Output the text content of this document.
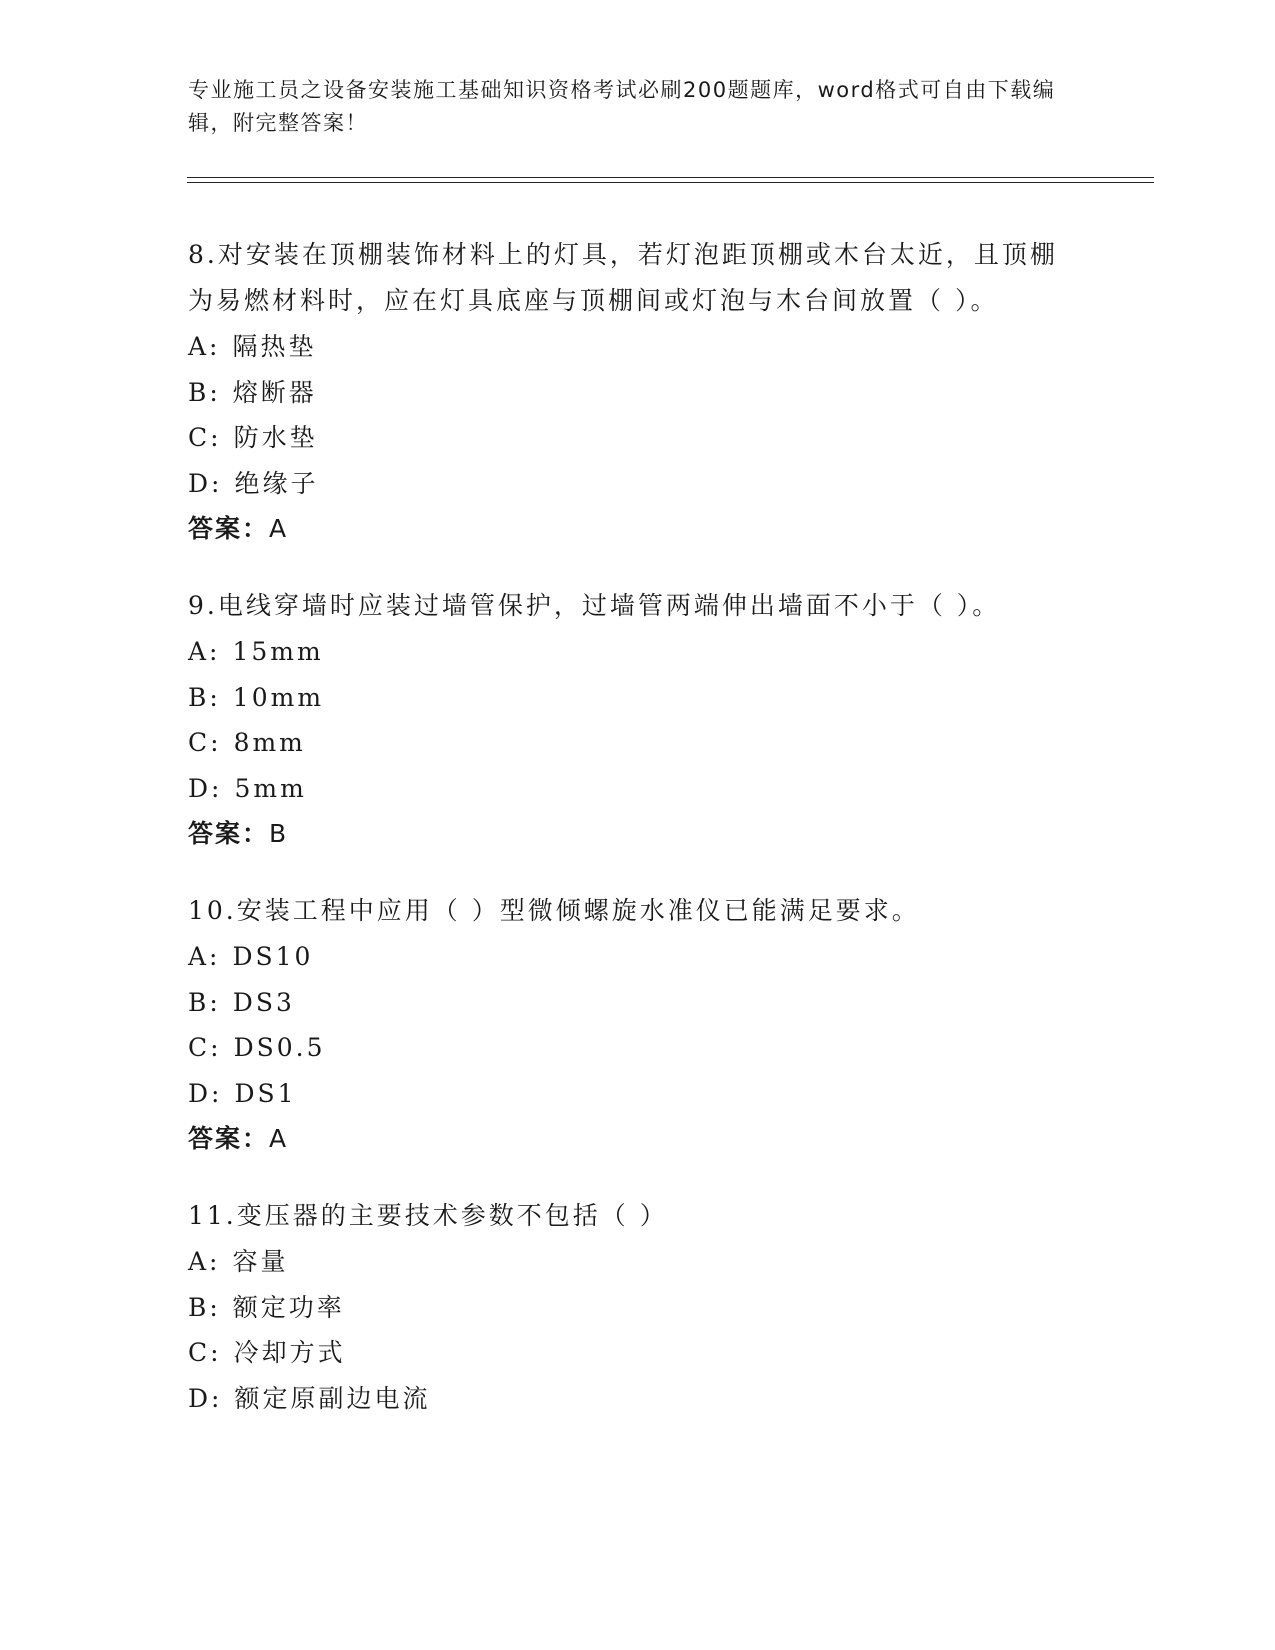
专业施工员之设备安装施工基础知识资格考试必刷200题题库，word格式可自由下载编辑，附完整答案！

8.对安装在顶棚装饰材料上的灯具，若灯泡距顶棚或木台太近，且顶棚为易燃材料时，应在灯具底座与顶棚间或灯泡与木台间放置（ ）。

A: 隔热垫
B: 熔断器
C: 防水垫
D: 绝缘子
答案：A

9.电线穿墙时应装过墙管保护，过墙管两端伸出墙面不小于（ ）。

A: 15mm
B: 10mm
C: 8mm
D: 5mm
答案：B

10.安装工程中应用（ ）型微倾螺旋水准仪已能满足要求。

A: DS10
B: DS3
C: DS0.5
D: DS1
答案：A

11.变压器的主要技术参数不包括（ ）

A: 容量
B: 额定功率
C: 冷却方式
D: 额定原副边电流
